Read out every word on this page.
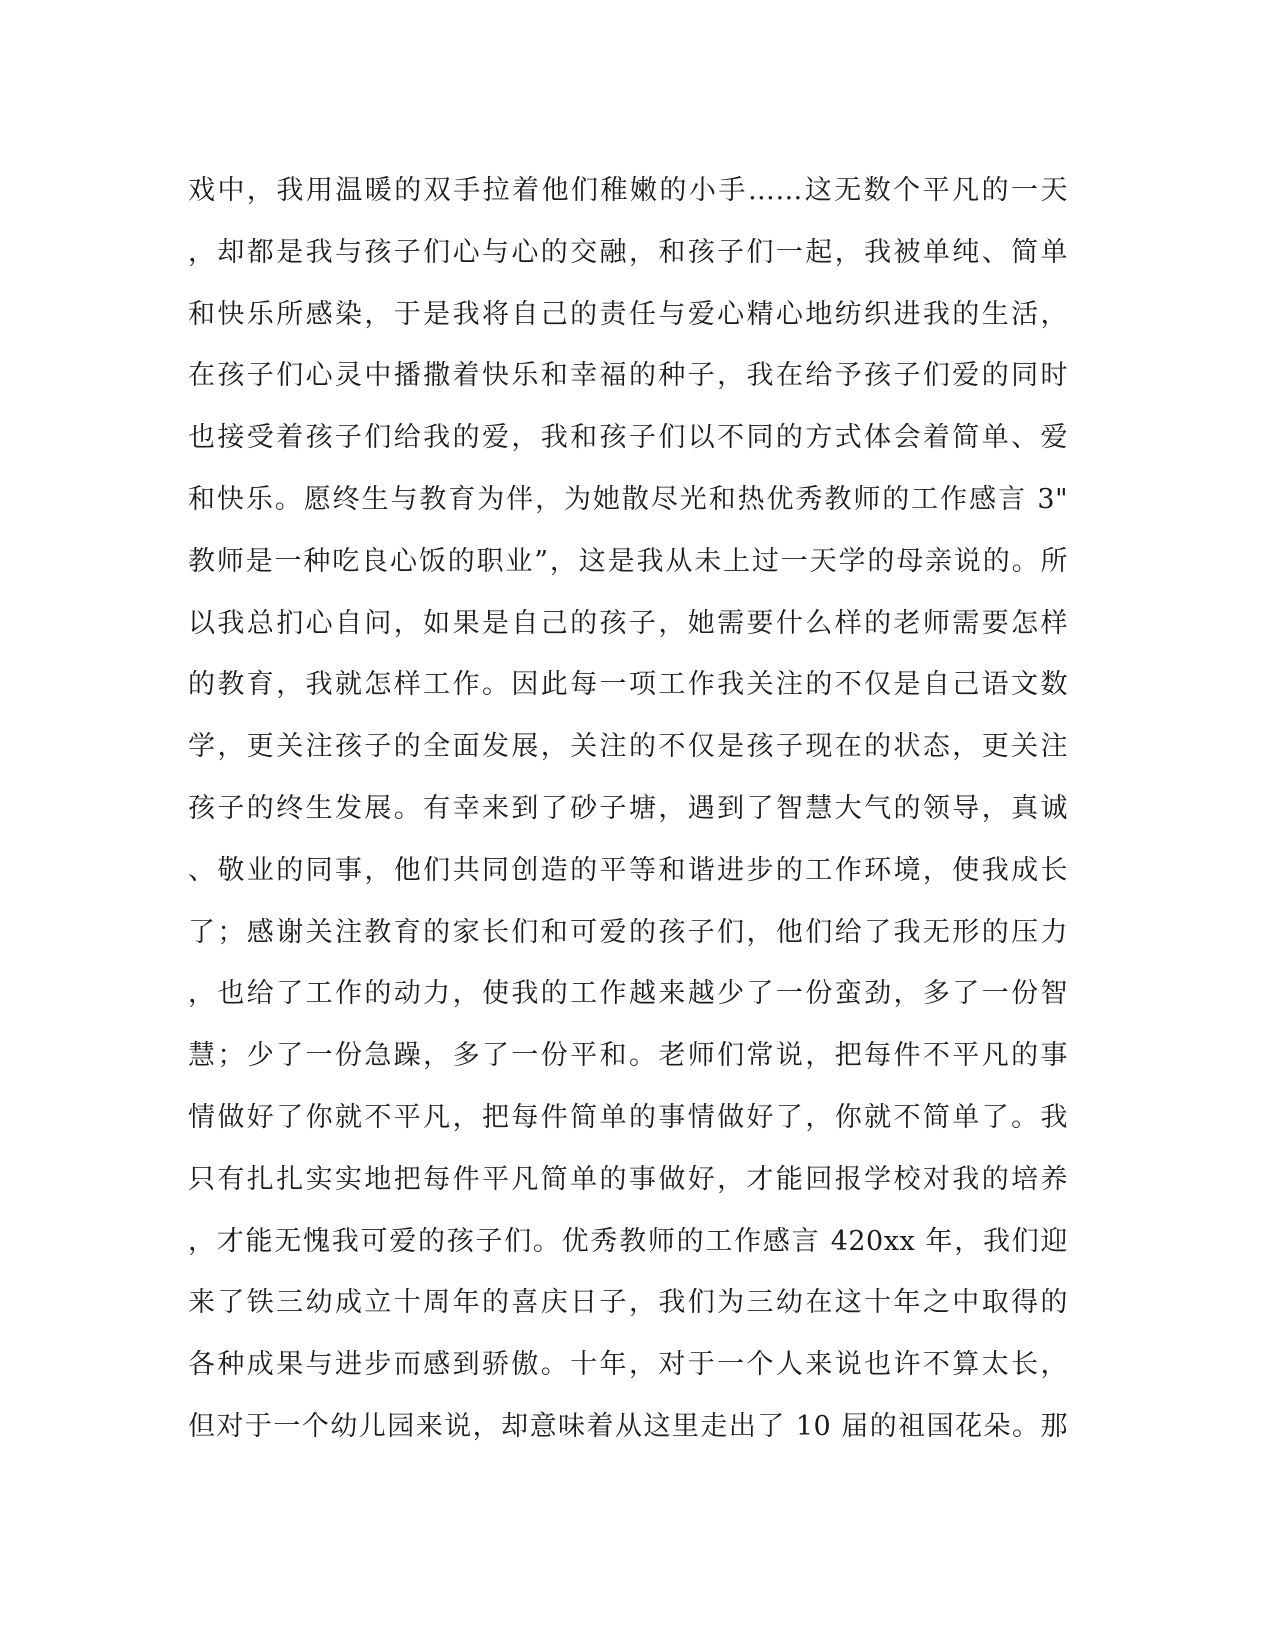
戏中，我用温暖的双手拉着他们稚嫩的小手……这无数个平凡的一天
，却都是我与孩子们心与心的交融，和孩子们一起，我被单纯、简单
和快乐所感染，于是我将自己的责任与爱心精心地纺织进我的生活，
在孩子们心灵中播撒着快乐和幸福的种子，我在给予孩子们爱的同时
也接受着孩子们给我的爱，我和孩子们以不同的方式体会着简单、爱
和快乐。愿终生与教育为伴，为她散尽光和热优秀教师的工作感言 3"
教师是一种吃良心饭的职业”，这是我从未上过一天学的母亲说的。所
以我总扪心自问，如果是自己的孩子，她需要什么样的老师需要怎样
的教育，我就怎样工作。因此每一项工作我关注的不仅是自己语文数
学，更关注孩子的全面发展，关注的不仅是孩子现在的状态，更关注
孩子的终生发展。有幸来到了砂子塘，遇到了智慧大气的领导，真诚
、敬业的同事，他们共同创造的平等和谐进步的工作环境，使我成长
了；感谢关注教育的家长们和可爱的孩子们，他们给了我无形的压力
，也给了工作的动力，使我的工作越来越少了一份蛮劲，多了一份智
慧；少了一份急躁，多了一份平和。老师们常说，把每件不平凡的事
情做好了你就不平凡，把每件简单的事情做好了，你就不简单了。我
只有扎扎实实地把每件平凡简单的事做好，才能回报学校对我的培养
，才能无愧我可爱的孩子们。优秀教师的工作感言 420xx 年，我们迎
来了铁三幼成立十周年的喜庆日子，我们为三幼在这十年之中取得的
各种成果与进步而感到骄傲。十年，对于一个人来说也许不算太长，
但对于一个幼儿园来说，却意味着从这里走出了 10 届的祖国花朵。那
